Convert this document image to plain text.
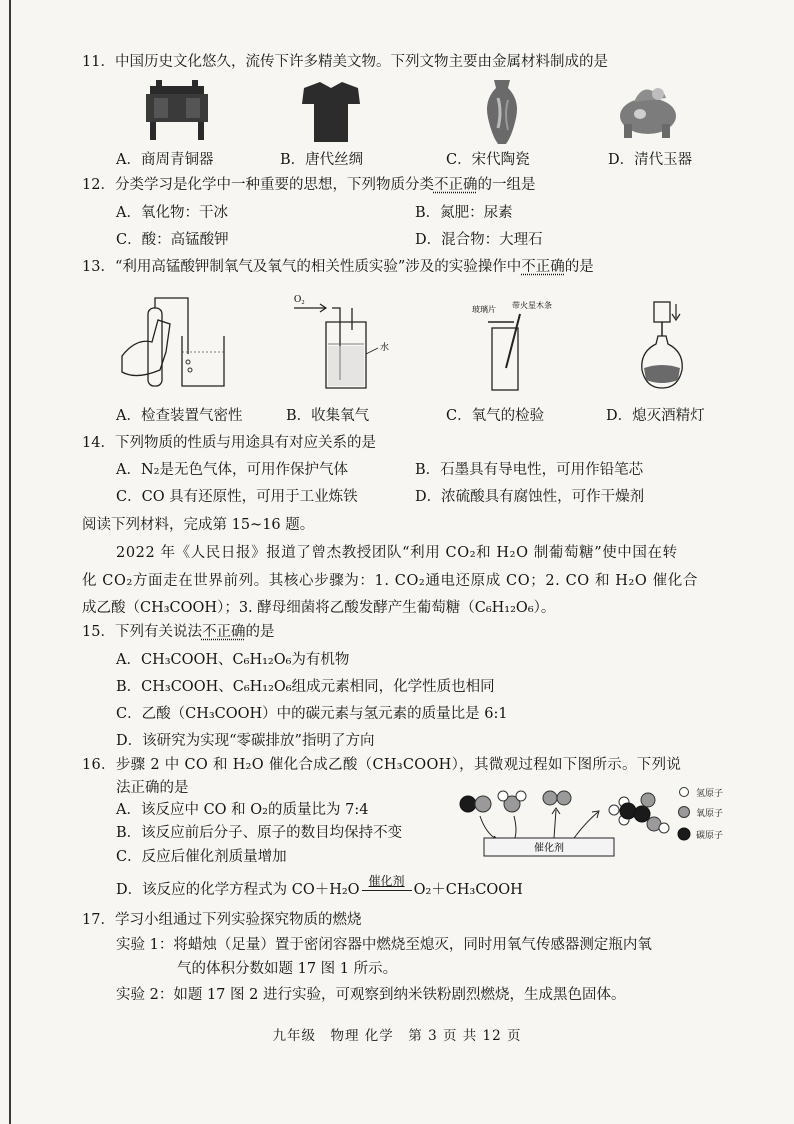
11．中国历史文化悠久，流传下许多精美文物。下列文物主要由金属材料制成的是
A．商周青铜器	B．唐代丝绸	C．宋代陶瓷	D．清代玉器
12．分类学习是化学中一种重要的思想，下列物质分类不正确的一组是
A．氧化物：干冰	B．氮肥：尿素
C．酸：高锰酸钾	D．混合物：大理石
13．“利用高锰酸钾制氧气及氧气的相关性质实验”涉及的实验操作中不正确的是
O₂
水
玻璃片 带火星木条
A．检查装置气密性	B．收集氧气	C．氧气的检验	D．熄灭酒精灯
14．下列物质的性质与用途具有对应关系的是
A．N₂是无色气体，可用作保护气体	B．石墨具有导电性，可用作铅笔芯
C．CO 具有还原性，可用于工业炼铁	D．浓硫酸具有腐蚀性，可作干燥剂
阅读下列材料，完成第 15~16 题。
2022 年《人民日报》报道了曾杰教授团队“利用 CO₂和 H₂O 制葡萄糖”使中国在转
化 CO₂方面走在世界前列。其核心步骤为：1. CO₂通电还原成 CO；2. CO 和 H₂O 催化合
成乙酸（CH₃COOH）；3. 酵母细菌将乙酸发酵产生葡萄糖（C₆H₁₂O₆）。
15．下列有关说法不正确的是
A．CH₃COOH、C₆H₁₂O₆为有机物
B．CH₃COOH、C₆H₁₂O₆组成元素相同，化学性质也相同
C．乙酸（CH₃COOH）中的碳元素与氢元素的质量比是 6:1
D．该研究为实现“零碳排放”指明了方向
16．步骤 2 中 CO 和 H₂O 催化合成乙酸（CH₃COOH），其微观过程如下图所示。下列说
法正确的是
A．该反应中 CO 和 O₂的质量比为 7:4
B．该反应前后分子、原子的数目均保持不变
C．反应后催化剂质量增加
催化剂
氢原子
氧原子
碳原子
D．该反应的化学方程式为 CO＋H₂O
催化剂
O₂＋CH₃COOH
17．学习小组通过下列实验探究物质的燃烧
实验 1：将蜡烛（足量）置于密闭容器中燃烧至熄灭，同时用氧气传感器测定瓶内氧
气的体积分数如题 17 图 1 所示。
实验 2：如题 17 图 2 进行实验，可观察到纳米铁粉剧烈燃烧，生成黑色固体。
九年级　物理 化学　第 3 页 共 12 页
